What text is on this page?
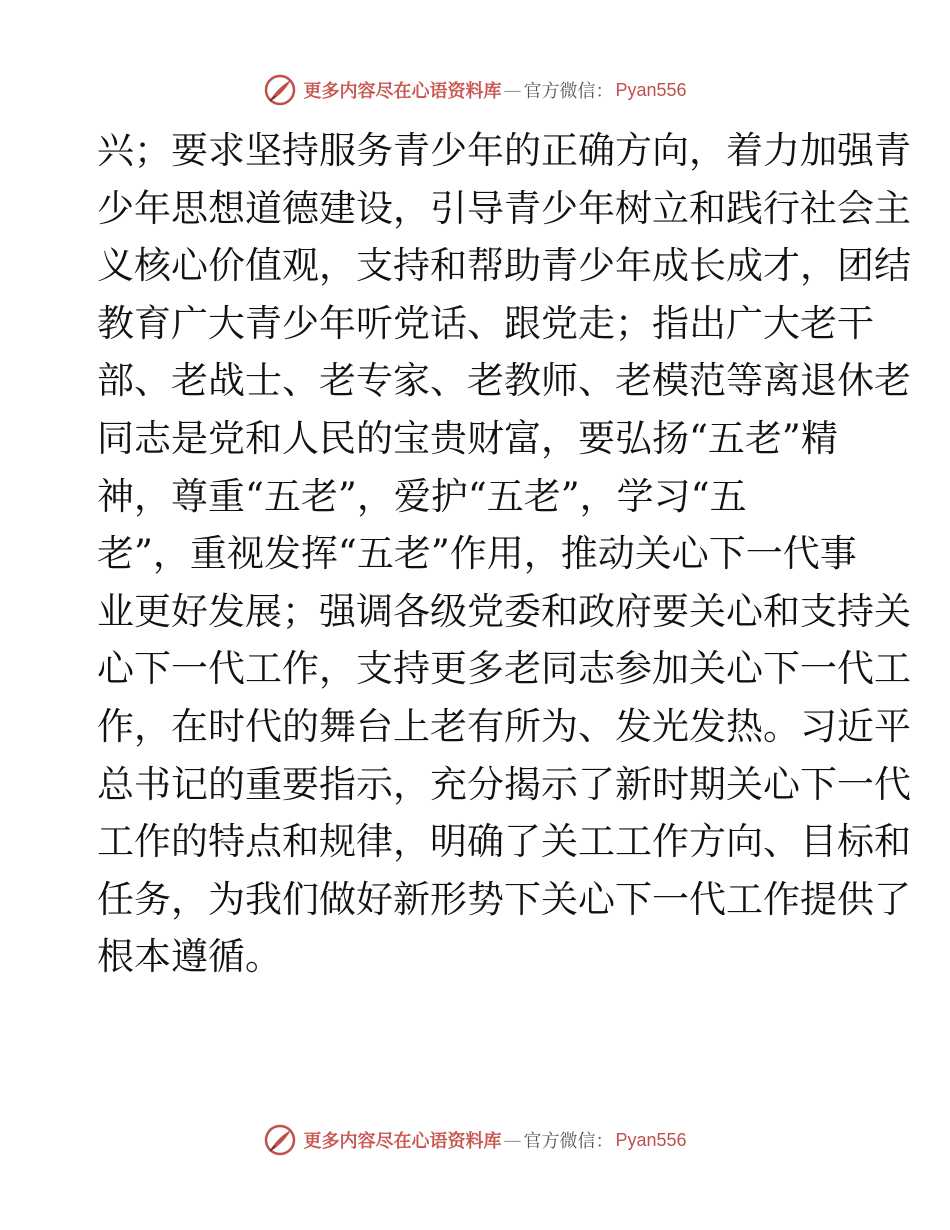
更多内容尽在心语资料库 — 官方微信： Pyan556
兴；要求坚持服务青少年的正确方向，着力加强青
少年思想道德建设，引导青少年树立和践行社会主
义核心价值观，支持和帮助青少年成长成才，团结
教育广大青少年听党话、跟党走；指出广大老干
部、老战士、老专家、老教师、老模范等离退休老
同志是党和人民的宝贵财富，要弘扬“五老”精
神，尊重“五老”，爱护“五老”，学习“五
老”，重视发挥“五老”作用，推动关心下一代事
业更好发展；强调各级党委和政府要关心和支持关
心下一代工作，支持更多老同志参加关心下一代工
作，在时代的舞台上老有所为、发光发热。习近平
总书记的重要指示，充分揭示了新时期关心下一代
工作的特点和规律，明确了关工工作方向、目标和
任务，为我们做好新形势下关心下一代工作提供了
根本遵循。
更多内容尽在心语资料库 — 官方微信： Pyan556
